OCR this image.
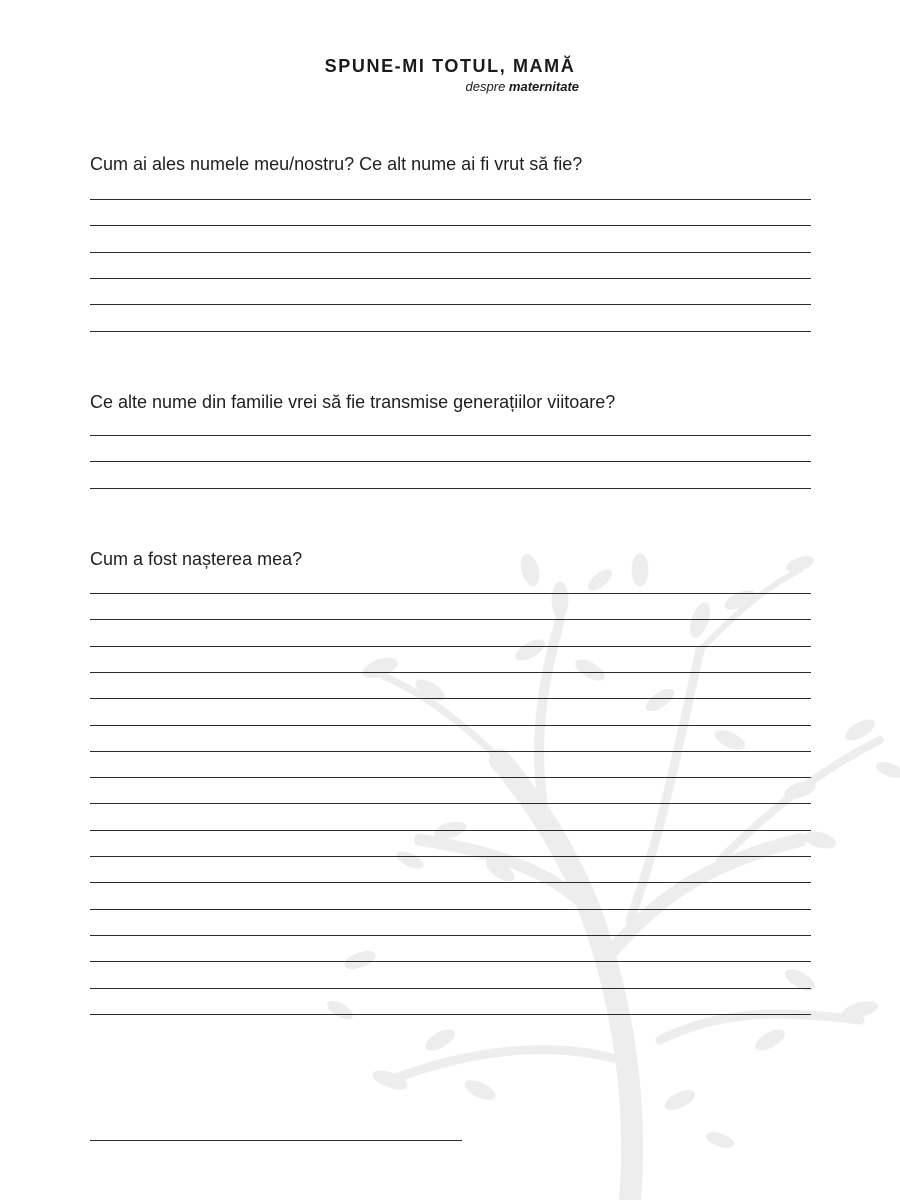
SPUNE-MI TOTUL, MAMĂ
despre maternitate
Cum ai ales numele meu/nostru? Ce alt nume ai fi vrut să fie?
Ce alte nume din familie vrei să fie transmise generațiilor viitoare?
Cum a fost nașterea mea?
